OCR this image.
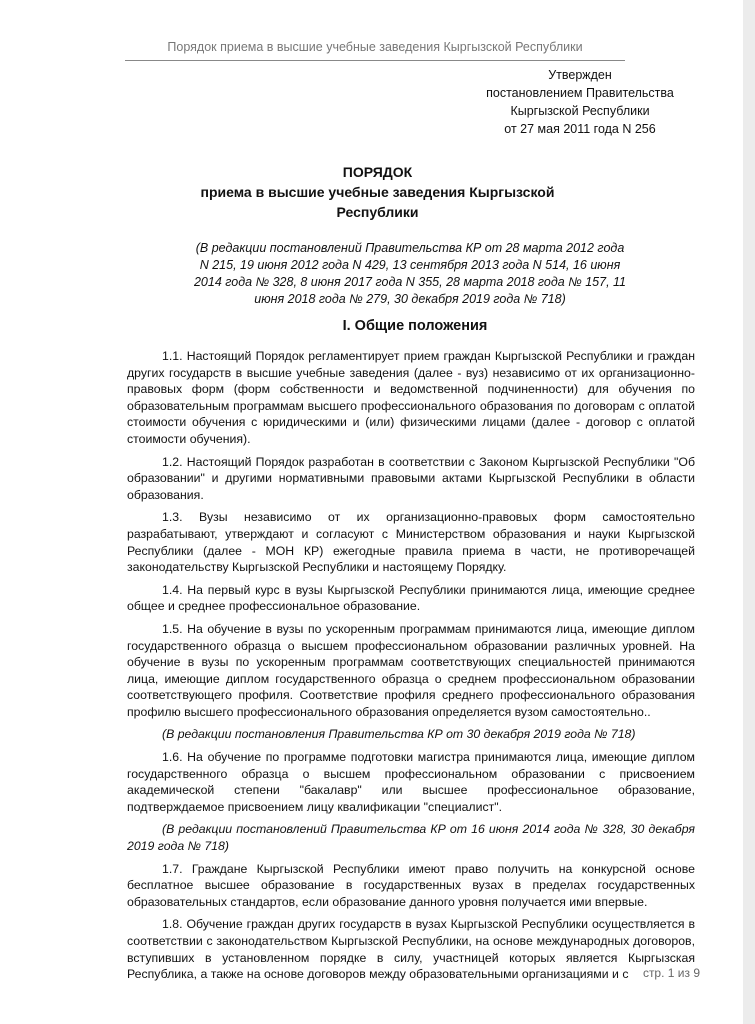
Порядок приема в высшие учебные заведения Кыргызской Республики
Утвержден
постановлением Правительства
Кыргызской Республики
от 27 мая 2011 года N 256
ПОРЯДОК
приема в высшие учебные заведения Кыргызской
Республики
(В редакции постановлений Правительства КР от 28 марта 2012 года N 215, 19 июня 2012 года N 429, 13 сентября 2013 года N 514, 16 июня 2014 года № 328, 8 июня 2017 года N 355, 28 марта 2018 года № 157, 11 июня 2018 года № 279, 30 декабря 2019 года № 718)
I. Общие положения

1.1. Настоящий Порядок регламентирует прием граждан Кыргызской Республики и граждан других государств в высшие учебные заведения (далее - вуз) независимо от их организационно-правовых форм (форм собственности и ведомственной подчиненности) для обучения по образовательным программам высшего профессионального образования по договорам с оплатой стоимости обучения с юридическими и (или) физическими лицами (далее - договор с оплатой стоимости обучения).

1.2. Настоящий Порядок разработан в соответствии с Законом Кыргызской Республики "Об образовании" и другими нормативными правовыми актами Кыргызской Республики в области образования.

1.3. Вузы независимо от их организационно-правовых форм самостоятельно разрабатывают, утверждают и согласуют с Министерством образования и науки Кыргызской Республики (далее - МОН КР) ежегодные правила приема в части, не противоречащей законодательству Кыргызской Республики и настоящему Порядку.

1.4. На первый курс в вузы Кыргызской Республики принимаются лица, имеющие среднее общее и среднее профессиональное образование.

1.5. На обучение в вузы по ускоренным программам принимаются лица, имеющие диплом государственного образца о высшем профессиональном образовании различных уровней. На обучение в вузы по ускоренным программам соответствующих специальностей принимаются лица, имеющие диплом государственного образца о среднем профессиональном образовании соответствующего профиля. Соответствие профиля среднего профессионального образования профилю высшего профессионального образования определяется вузом самостоятельно..

(В редакции постановления Правительства КР от 30 декабря 2019 года № 718)

1.6. На обучение по программе подготовки магистра принимаются лица, имеющие диплом государственного образца о высшем профессиональном образовании с присвоением академической степени "бакалавр" или высшее профессиональное образование, подтверждаемое присвоением лицу квалификации "специалист".

(В редакции постановлений Правительства КР от 16 июня 2014 года № 328, 30 декабря 2019 года № 718)

1.7. Граждане Кыргызской Республики имеют право получить на конкурсной основе бесплатное высшее образование в государственных вузах в пределах государственных образовательных стандартов, если образование данного уровня получается ими впервые.

1.8. Обучение граждан других государств в вузах Кыргызской Республики осуществляется в соответствии с законодательством Кыргызской Республики, на основе международных договоров, вступивших в установленном порядке в силу, участницей которых является Кыргызская Республика, а также на основе договоров между образовательными организациями и с	стр. 1 из 9
